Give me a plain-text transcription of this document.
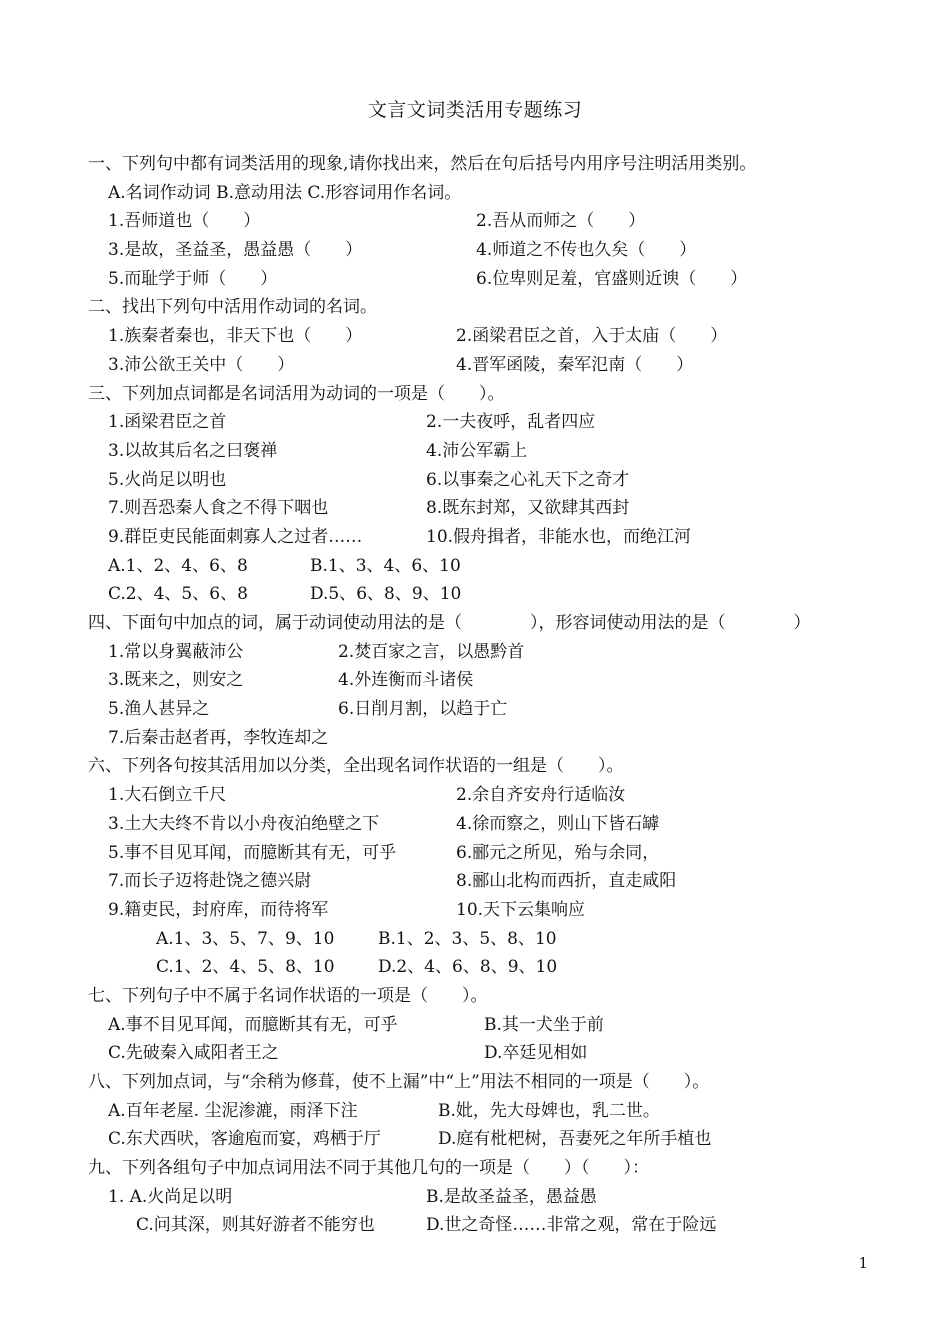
文言文词类活用专题练习
一、下列句中都有词类活用的现象,请你找出来，然后在句后括号内用序号注明活用类别。
A.名词作动词 B.意动用法 C.形容词用作名词。
1.吾师道也（　　）	2.吾从而师之（　　）
3.是故，圣益圣，愚益愚（　　）	4.师道之不传也久矣（　　）
5.而耻学于师（　　）	6.位卑则足羞，官盛则近谀（　　）
二、找出下列句中活用作动词的名词。
1.族秦者秦也，非天下也（　　）	2.函梁君臣之首，入于太庙（　　）
3.沛公欲王关中（　　）	4.晋军函陵，秦军氾南（　　）
三、下列加点词都是名词活用为动词的一项是（　　）。
1.函梁君臣之首	2.一夫夜呼，乱者四应
3.以故其后名之曰褒禅	4.沛公军霸上
5.火尚足以明也	6.以事秦之心礼天下之奇才
7.则吾恐秦人食之不得下咽也	8.既东封郑，又欲肆其西封
9.群臣吏民能面刺寡人之过者……	10.假舟揖者，非能水也，而绝江河
A.1、2、4、6、8	B.1、3、4、6、10
C.2、4、5、6、8	D.5、6、8、9、10
四、下面句中加点的词，属于动词使动用法的是（　　　　），形容词使动用法的是（　　　　）
1.常以身翼蔽沛公	2.焚百家之言，以愚黔首
3.既来之，则安之	4.外连衡而斗诸侯
5.渔人甚异之	6.日削月割，以趋于亡
7.后秦击赵者再，李牧连却之
六、下列各句按其活用加以分类，全出现名词作状语的一组是（　　）。
1.大石倒立千尺	2.余自齐安舟行适临汝
3.土大夫终不肯以小舟夜泊绝壁之下	4.徐而察之，则山下皆石罅
5.事不目见耳闻，而臆断其有无，可乎	6.郦元之所见，殆与余同，
7.而长子迈将赴饶之德兴尉	8.郦山北构而西折，直走咸阳
9.籍吏民，封府库，而待将军	10.天下云集响应
A.1、3、5、7、9、10	B.1、2、3、5、8、10
C.1、2、4、5、8、10	D.2、4、6、8、9、10
七、下列句子中不属于名词作状语的一项是（　　）。
A.事不目见耳闻，而臆断其有无，可乎	B.其一犬坐于前
C.先破秦入咸阳者王之	D.卒廷见相如
八、下列加点词，与“余稍为修葺，使不上漏”中“上”用法不相同的一项是（　　）。
A.百年老屋. 尘泥渗漉，雨泽下注	B.妣，先大母婢也，乳二世。
C.东犬西吠，客逾庖而宴，鸡栖于厅	D.庭有枇杷树，吾妻死之年所手植也
九、下列各组句子中加点词用法不同于其他几句的一项是（　　）（　　）：
1. A.火尚足以明	B.是故圣益圣，愚益愚
C.问其深，则其好游者不能穷也	D.世之奇怪……非常之观，常在于险远
1
